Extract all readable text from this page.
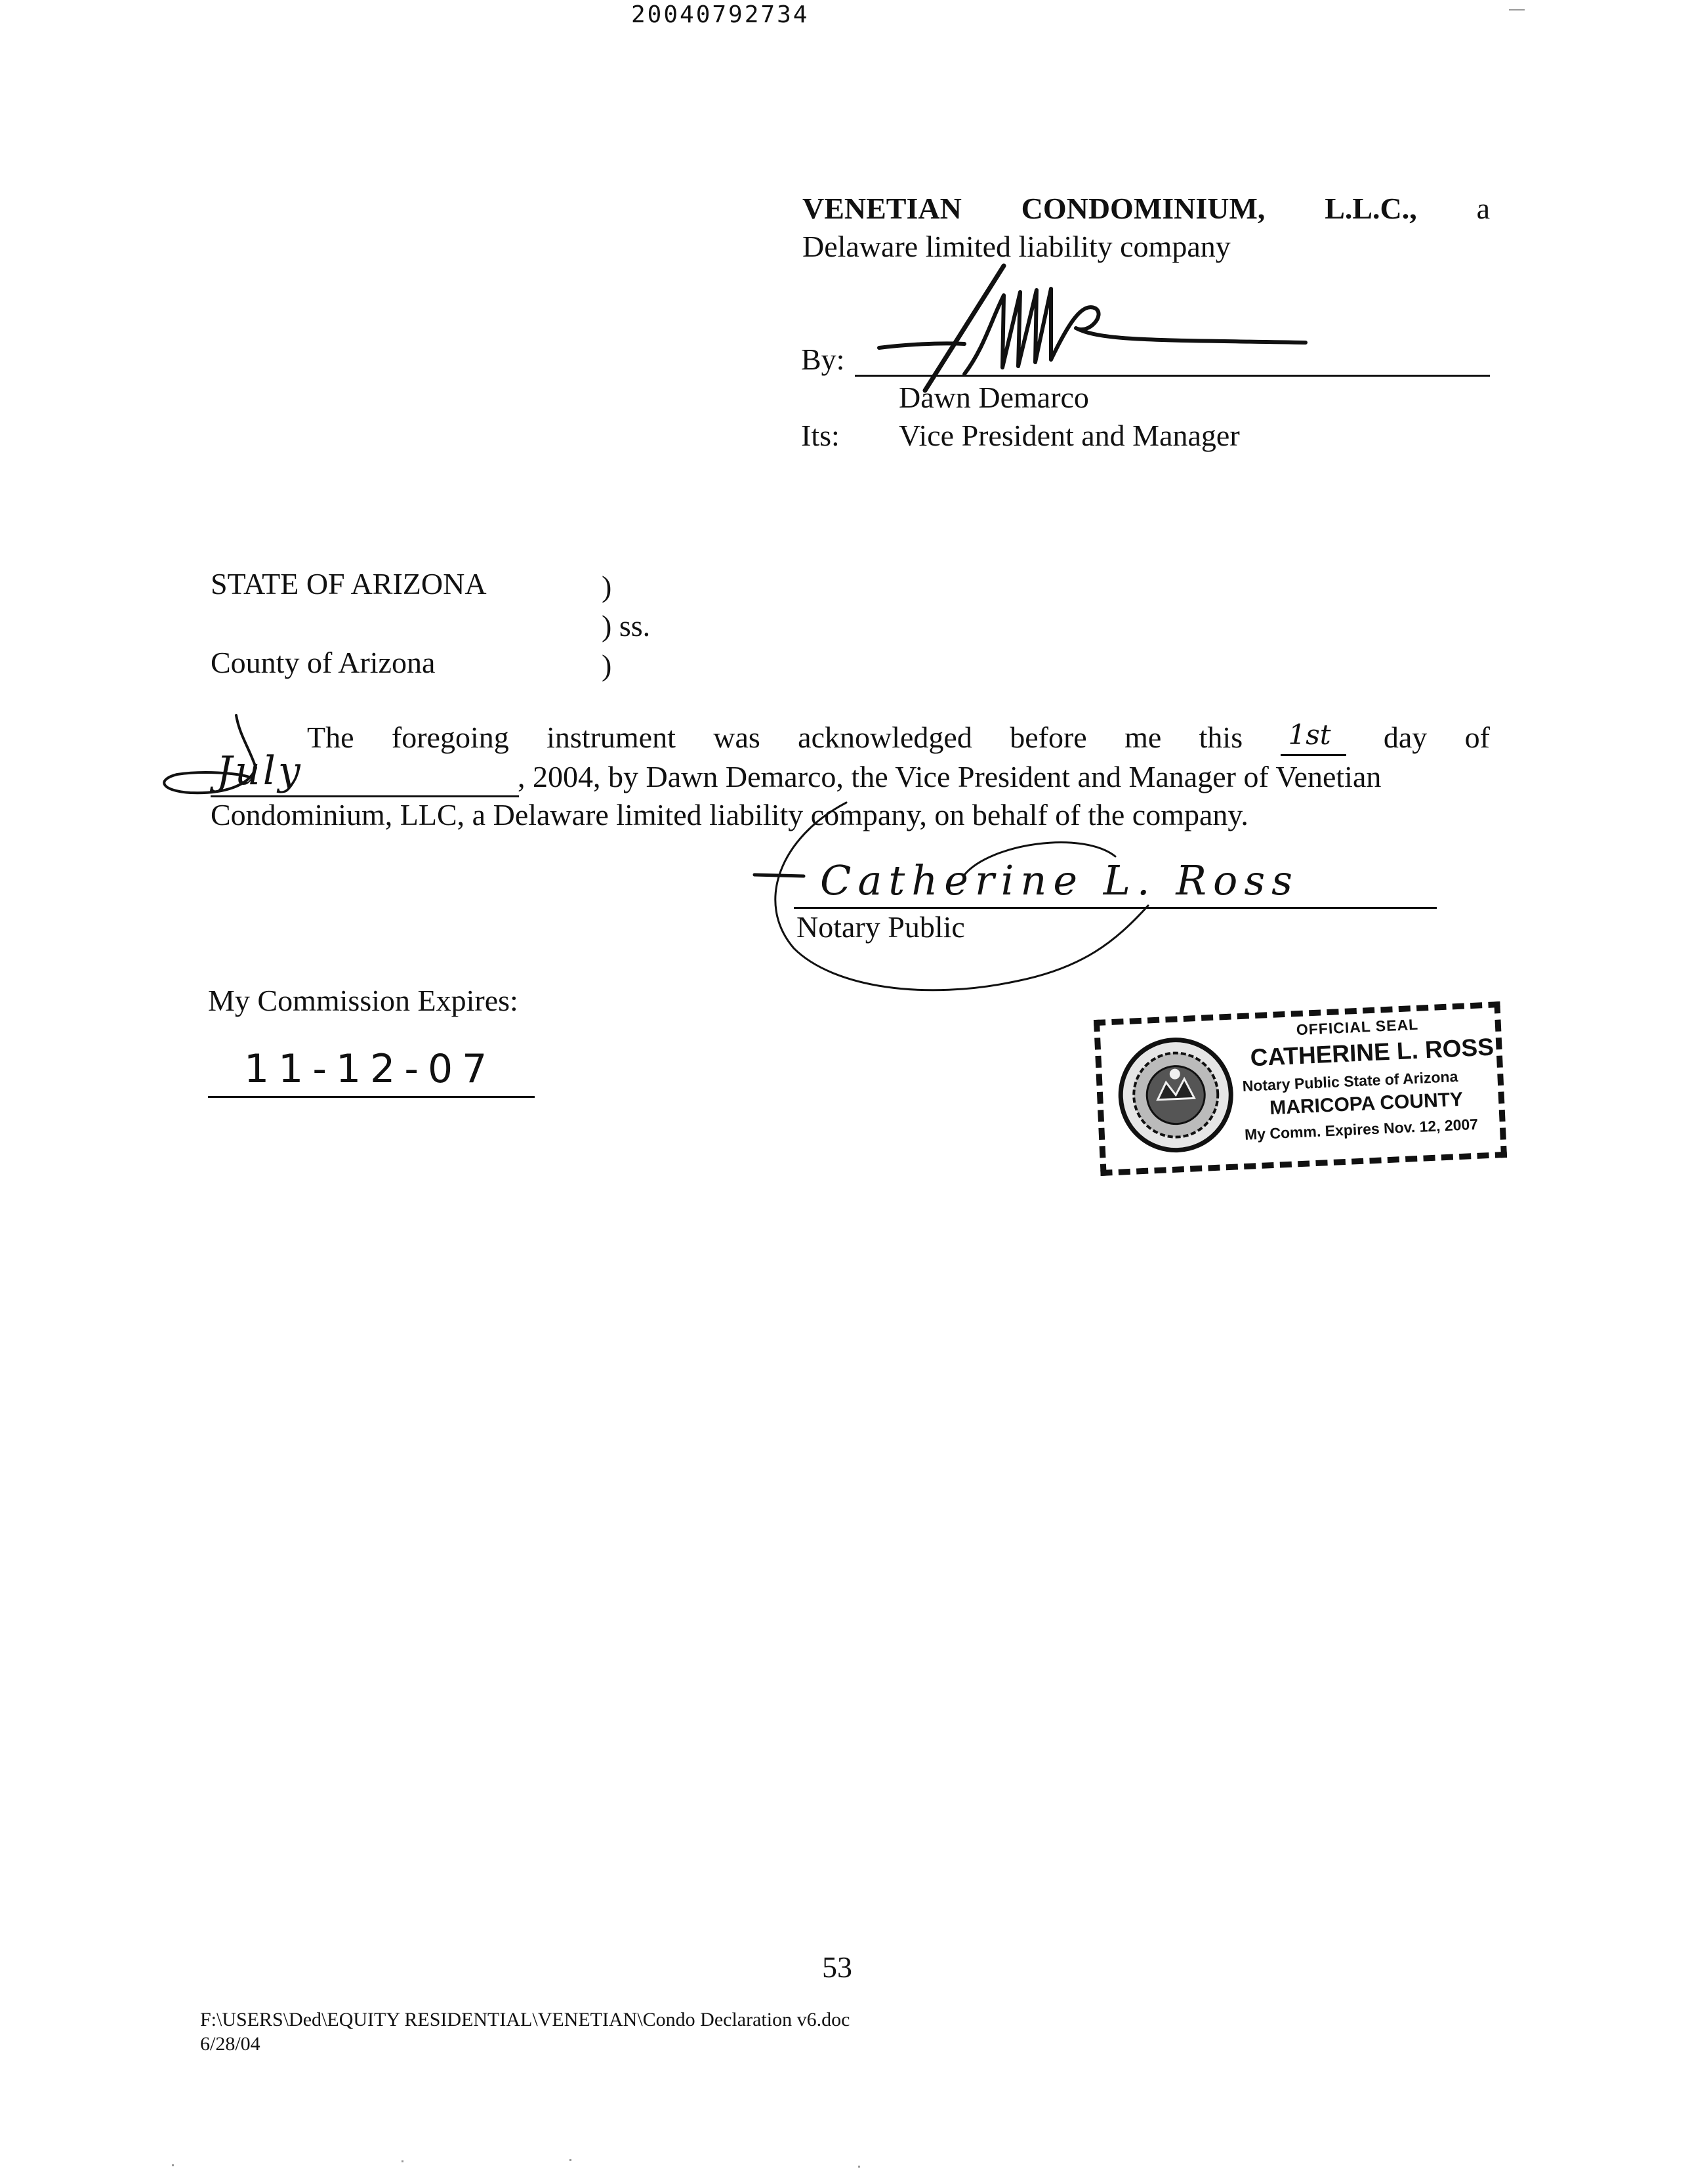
20040792734
VENETIAN CONDOMINIUM, L.L.C., a
Delaware limited liability company
By:
Dawn Demarco
Its: Vice President and Manager
STATE OF ARIZONA	)
) ss.
County of Arizona	)
The foregoing instrument was acknowledged before me this 1st day of
July	, 2004, by Dawn Demarco, the Vice President and Manager of Venetian
Condominium, LLC, a Delaware limited liability company, on behalf of the company.
Catherine L. Ross
Notary Public
My Commission Expires:
11-12-07
OFFICIAL SEAL
CATHERINE L. ROSS
Notary Public State of Arizona
MARICOPA COUNTY
My Comm. Expires Nov. 12, 2007
53
F:\USERS\Ded\EQUITY RESIDENTIAL\VENETIAN\Condo Declaration v6.doc
6/28/04
